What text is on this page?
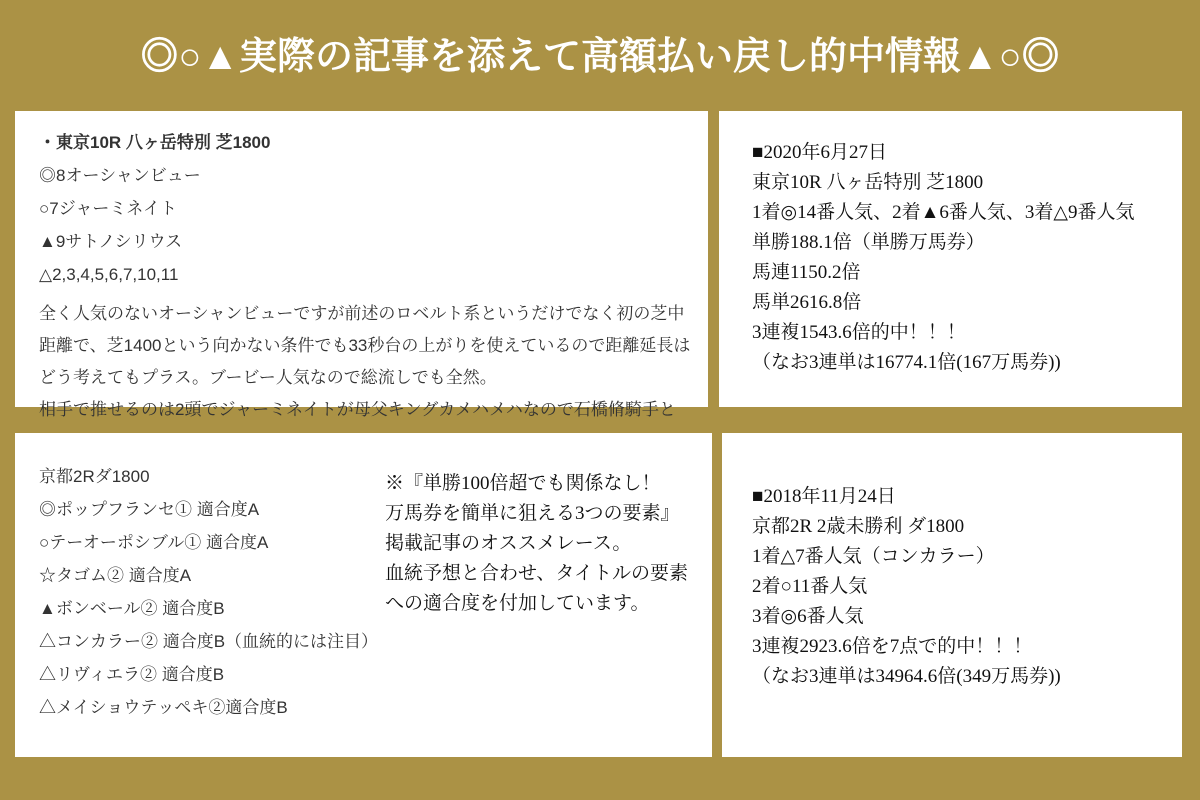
◎○▲実際の記事を添えて高額払い戻し的中情報▲○◎
・東京10R 八ヶ岳特別 芝1800
◎8オーシャンビュー
○7ジャーミネイト
▲9サトノシリウス
△2,3,4,5,6,7,10,11
全く人気のないオーシャンビューですが前述のロベルト系というだけでなく初の芝中
距離で、芝1400という向かない条件でも33秒台の上がりを使えているので距離延長は
どう考えてもプラス。ブービー人気なので総流しでも全然。
相手で推せるのは2頭でジャーミネイトが母父キングカメハメハなので石橋脩騎手と
■2020年6月27日
東京10R 八ヶ岳特別 芝1800
1着◎14番人気、2着▲6番人気、3着△9番人気
単勝188.1倍（単勝万馬券）
馬連1150.2倍
馬単2616.8倍
3連複1543.6倍的中！！！
（なお3連単は16774.1倍(167万馬券))
京都2Rダ1800
◎ポップフランセ① 適合度A
○テーオーポシブル① 適合度A
☆タゴム② 適合度A
▲ボンベール② 適合度B
△コンカラー② 適合度B（血統的には注目）
△リヴィエラ② 適合度B
△メイショウテッペキ②適合度B
※『単勝100倍超でも関係なし！
万馬券を簡単に狙える3つの要素』
掲載記事のオススメレース。
血統予想と合わせ、タイトルの要素
への適合度を付加しています。
■2018年11月24日
京都2R 2歳未勝利 ダ1800
1着△7番人気（コンカラー）
2着○11番人気
3着◎6番人気
3連複2923.6倍を7点で的中！！！
（なお3連単は34964.6倍(349万馬券))
